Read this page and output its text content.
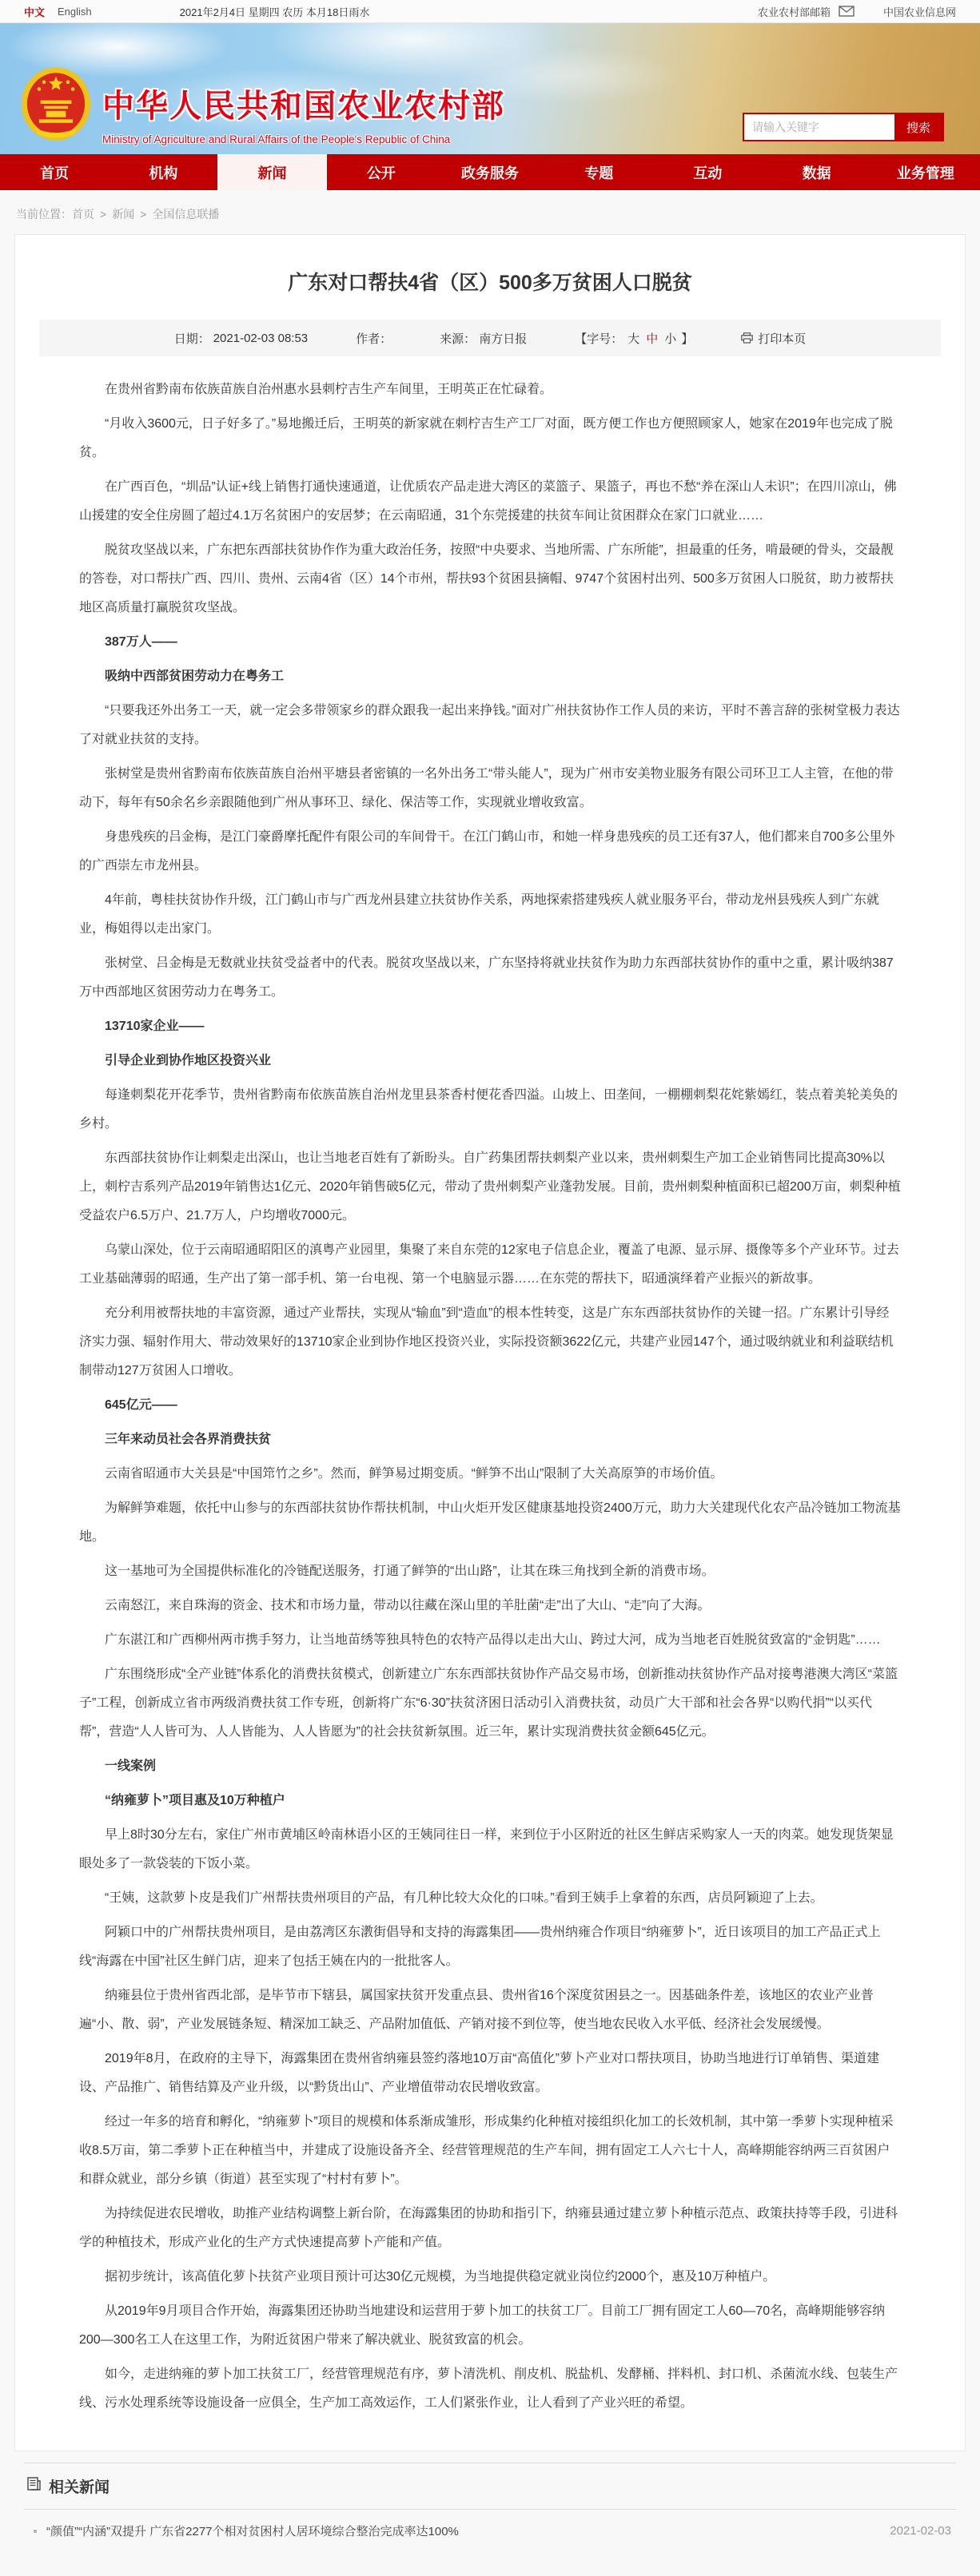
中文 English	2021年2月4日 星期四 农历 本月18日雨水	农业农村部邮箱	中国农业信息网
中华人民共和国农业农村部
Ministry of Agriculture and Rural Affairs of the People's Republic of China
请输入关键字
搜索
首页	机构	新闻	公开	政务服务	专题	互动	数据	业务管理
当前位置：首页 > 新闻 > 全国信息联播
广东对口帮扶4省（区）500多万贫困人口脱贫
日期： 2021-02-03 08:53	作者：	来源： 南方日报	【字号： 大 中 小 】	打印本页

在贵州省黔南布依族苗族自治州惠水县刺柠吉生产车间里，王明英正在忙碌着。

“月收入3600元，日子好多了。”易地搬迁后，王明英的新家就在刺柠吉生产工厂对面，既方便工作也方便照顾家人，她家在2019年也完成了脱贫。

在广西百色，“圳品”认证+线上销售打通快速通道，让优质农产品走进大湾区的菜篮子、果篮子，再也不愁“养在深山人未识”；在四川凉山，佛山援建的安全住房圆了超过4.1万名贫困户的安居梦；在云南昭通，31个东莞援建的扶贫车间让贫困群众在家门口就业……

脱贫攻坚战以来，广东把东西部扶贫协作作为重大政治任务，按照“中央要求、当地所需、广东所能”，担最重的任务，啃最硬的骨头，交最靓的答卷，对口帮扶广西、四川、贵州、云南4省（区）14个市州，帮扶93个贫困县摘帽、9747个贫困村出列、500多万贫困人口脱贫，助力被帮扶地区高质量打赢脱贫攻坚战。

387万人——

吸纳中西部贫困劳动力在粤务工

“只要我还外出务工一天，就一定会多带领家乡的群众跟我一起出来挣钱。”面对广州扶贫协作工作人员的来访，平时不善言辞的张树堂极力表达了对就业扶贫的支持。

张树堂是贵州省黔南布依族苗族自治州平塘县者密镇的一名外出务工“带头能人”，现为广州市安美物业服务有限公司环卫工人主管，在他的带动下，每年有50余名乡亲跟随他到广州从事环卫、绿化、保洁等工作，实现就业增收致富。

身患残疾的吕金梅，是江门豪爵摩托配件有限公司的车间骨干。在江门鹤山市，和她一样身患残疾的员工还有37人，他们都来自700多公里外的广西崇左市龙州县。

4年前，粤桂扶贫协作升级，江门鹤山市与广西龙州县建立扶贫协作关系，两地探索搭建残疾人就业服务平台，带动龙州县残疾人到广东就业，梅姐得以走出家门。

张树堂、吕金梅是无数就业扶贫受益者中的代表。脱贫攻坚战以来，广东坚持将就业扶贫作为助力东西部扶贫协作的重中之重，累计吸纳387万中西部地区贫困劳动力在粤务工。

13710家企业——

引导企业到协作地区投资兴业

每逢刺梨花开花季节，贵州省黔南布依族苗族自治州龙里县茶香村便花香四溢。山坡上、田垄间，一棚棚刺梨花姹紫嫣红，装点着美轮美奂的乡村。

东西部扶贫协作让刺梨走出深山，也让当地老百姓有了新盼头。自广药集团帮扶刺梨产业以来，贵州刺梨生产加工企业销售同比提高30%以上，刺柠吉系列产品2019年销售达1亿元、2020年销售破5亿元，带动了贵州刺梨产业蓬勃发展。目前，贵州刺梨种植面积已超200万亩，刺梨种植受益农户6.5万户、21.7万人，户均增收7000元。

乌蒙山深处，位于云南昭通昭阳区的滇粤产业园里，集聚了来自东莞的12家电子信息企业，覆盖了电源、显示屏、摄像等多个产业环节。过去工业基础薄弱的昭通，生产出了第一部手机、第一台电视、第一个电脑显示器……在东莞的帮扶下，昭通演绎着产业振兴的新故事。

充分利用被帮扶地的丰富资源，通过产业帮扶，实现从“输血”到“造血”的根本性转变，这是广东东西部扶贫协作的关键一招。广东累计引导经济实力强、辐射作用大、带动效果好的13710家企业到协作地区投资兴业，实际投资额3622亿元，共建产业园147个，通过吸纳就业和利益联结机制带动127万贫困人口增收。

645亿元——

三年来动员社会各界消费扶贫

云南省昭通市大关县是“中国筇竹之乡”。然而，鲜笋易过期变质。“鲜笋不出山”限制了大关高原笋的市场价值。

为解鲜笋难题，依托中山参与的东西部扶贫协作帮扶机制，中山火炬开发区健康基地投资2400万元，助力大关建现代化农产品冷链加工物流基地。

这一基地可为全国提供标准化的冷链配送服务，打通了鲜笋的“出山路”，让其在珠三角找到全新的消费市场。

云南怒江，来自珠海的资金、技术和市场力量，带动以往藏在深山里的羊肚菌“走”出了大山、“走”向了大海。

广东湛江和广西柳州两市携手努力，让当地苗绣等独具特色的农特产品得以走出大山、跨过大河，成为当地老百姓脱贫致富的“金钥匙”……

广东围绕形成“全产业链”体系化的消费扶贫模式，创新建立广东东西部扶贫协作产品交易市场，创新推动扶贫协作产品对接粤港澳大湾区“菜篮子”工程，创新成立省市两级消费扶贫工作专班，创新将广东“6·30”扶贫济困日活动引入消费扶贫，动员广大干部和社会各界“以购代捐”“以买代帮”，营造“人人皆可为、人人皆能为、人人皆愿为”的社会扶贫新氛围。近三年，累计实现消费扶贫金额645亿元。

一线案例

“纳雍萝卜”项目惠及10万种植户

早上8时30分左右，家住广州市黄埔区岭南林语小区的王姨同往日一样，来到位于小区附近的社区生鲜店采购家人一天的肉菜。她发现货架显眼处多了一款袋装的下饭小菜。

“王姨，这款萝卜皮是我们广州帮扶贵州项目的产品，有几种比较大众化的口味。”看到王姨手上拿着的东西，店员阿颖迎了上去。

阿颖口中的广州帮扶贵州项目，是由荔湾区东漖街倡导和支持的海露集团——贵州纳雍合作项目“纳雍萝卜”，近日该项目的加工产品正式上线“海露在中国”社区生鲜门店，迎来了包括王姨在内的一批批客人。

纳雍县位于贵州省西北部，是毕节市下辖县，属国家扶贫开发重点县、贵州省16个深度贫困县之一。因基础条件差，该地区的农业产业普遍“小、散、弱”，产业发展链条短、精深加工缺乏、产品附加值低、产销对接不到位等，使当地农民收入水平低、经济社会发展缓慢。

2019年8月，在政府的主导下，海露集团在贵州省纳雍县签约落地10万亩“高值化”萝卜产业对口帮扶项目，协助当地进行订单销售、渠道建设、产品推广、销售结算及产业升级，以“黔货出山”、产业增值带动农民增收致富。

经过一年多的培育和孵化，“纳雍萝卜”项目的规模和体系渐成雏形，形成集约化种植对接组织化加工的长效机制，其中第一季萝卜实现种植采收8.5万亩，第二季萝卜正在种植当中，并建成了设施设备齐全、经营管理规范的生产车间，拥有固定工人六七十人，高峰期能容纳两三百贫困户和群众就业，部分乡镇（街道）甚至实现了“村村有萝卜”。

为持续促进农民增收，助推产业结构调整上新台阶，在海露集团的协助和指引下，纳雍县通过建立萝卜种植示范点、政策扶持等手段，引进科学的种植技术，形成产业化的生产方式快速提高萝卜产能和产值。

据初步统计，该高值化萝卜扶贫产业项目预计可达30亿元规模，为当地提供稳定就业岗位约2000个，惠及10万种植户。

从2019年9月项目合作开始，海露集团还协助当地建设和运营用于萝卜加工的扶贫工厂。目前工厂拥有固定工人60—70名，高峰期能够容纳200—300名工人在这里工作，为附近贫困户带来了解决就业、脱贫致富的机会。

如今，走进纳雍的萝卜加工扶贫工厂，经营管理规范有序，萝卜清洗机、削皮机、脱盐机、发酵桶、拌料机、封口机、杀菌流水线、包装生产线、污水处理系统等设施设备一应俱全，生产加工高效运作，工人们紧张作业，让人看到了产业兴旺的希望。

相关新闻
“颜值”“内涵”双提升 广东省2277个相对贫困村人居环境综合整治完成率达100%	2021-02-03
